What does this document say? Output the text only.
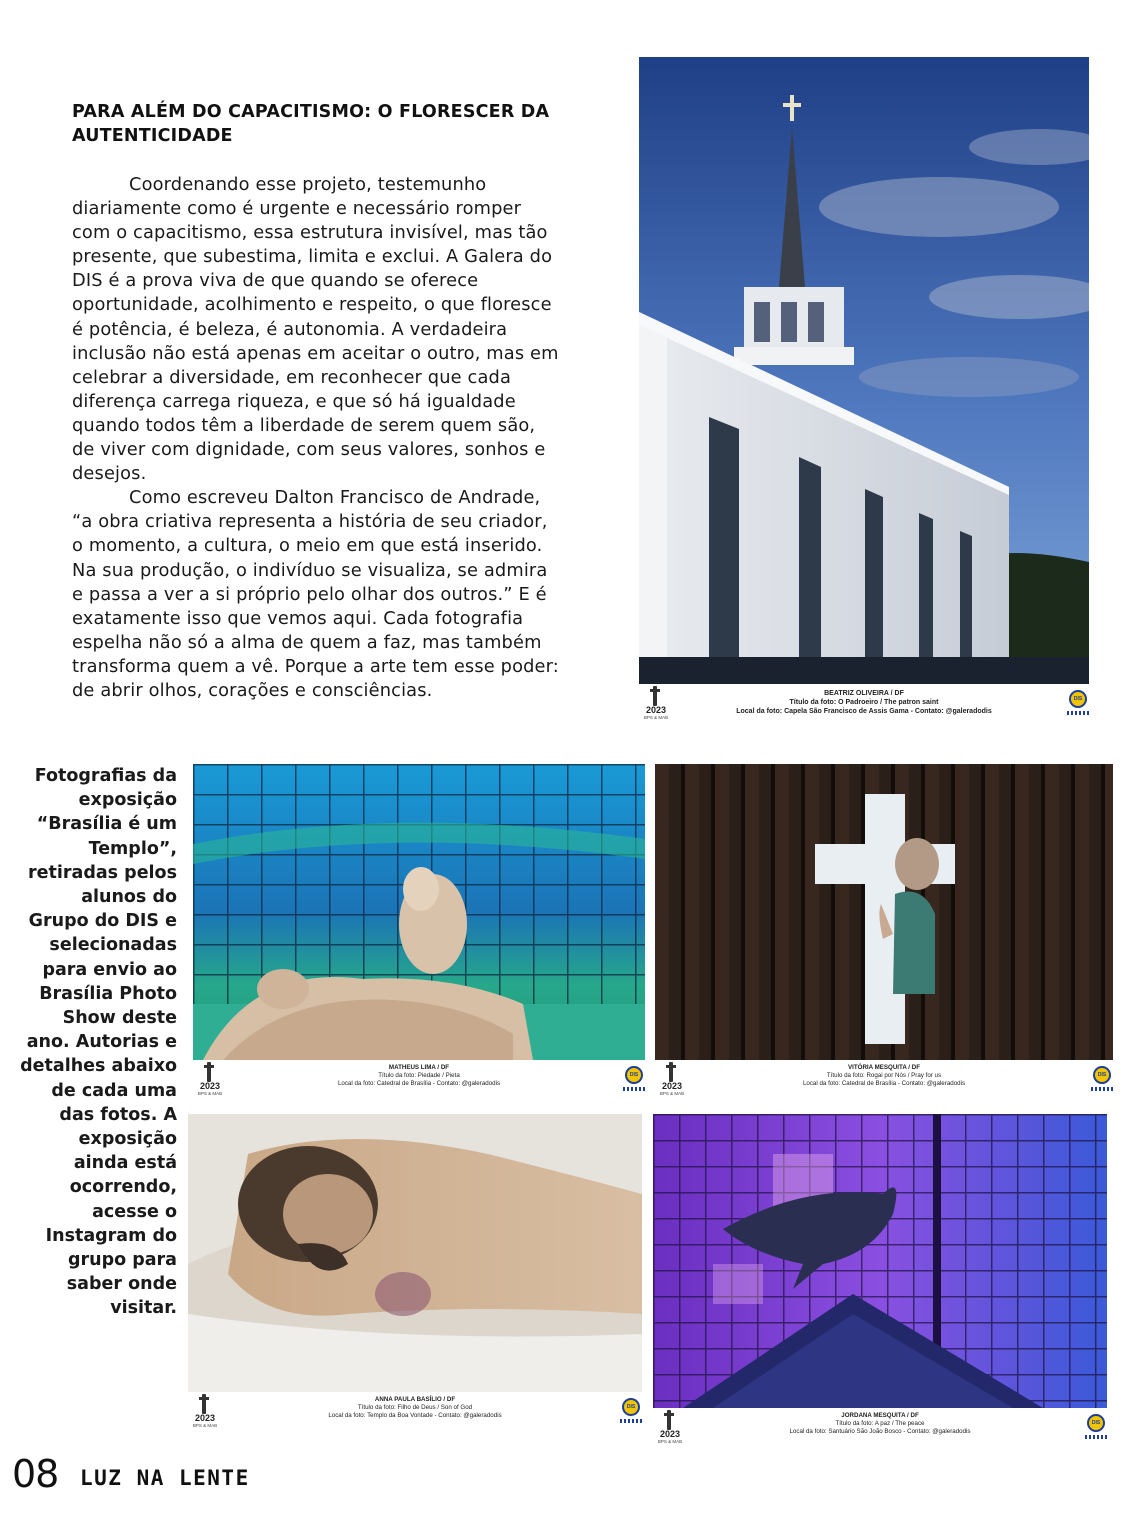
PARA ALÉM DO CAPACITISMO: O FLORESCER DA AUTENTICIDADE

Coordenando esse projeto, testemunho diariamente como é urgente e necessário romper com o capacitismo, essa estrutura invisível, mas tão presente, que subestima, limita e exclui. A Galera do DIS é a prova viva de que quando se oferece oportunidade, acolhimento e respeito, o que floresce é potência, é beleza, é autonomia. A verdadeira inclusão não está apenas em aceitar o outro, mas em celebrar a diversidade, em reconhecer que cada diferença carrega riqueza, e que só há igualdade quando todos têm a liberdade de serem quem são, de viver com dignidade, com seus valores, sonhos e desejos.

Como escreveu Dalton Francisco de Andrade, “a obra criativa representa a história de seu criador, o momento, a cultura, o meio em que está inserido. Na sua produção, o indivíduo se visualiza, se admira e passa a ver a si próprio pelo olhar dos outros.” E é exatamente isso que vemos aqui. Cada fotografia espelha não só a alma de quem a faz, mas também transforma quem a vê. Porque a arte tem esse poder: de abrir olhos, corações e consciências.

2023
BPS & MAB
BEATRIZ OLIVEIRA / DF
Título da foto: O Padroeiro / The patron saint
Local da foto: Capela São Francisco de Assis Gama - Contato: @galeradodis
DIS
Fotografias da exposição “Brasília é um Templo”, retiradas pelos alunos do Grupo do DIS e selecionadas para envio ao Brasília Photo Show deste ano. Autorias e detalhes abaixo de cada uma das fotos. A exposição ainda está ocorrendo, acesse o Instagram do grupo para saber onde visitar.
2023
BPS & MAB
MATHEUS LIMA / DF
Título da foto: Piedade / Pieta
Local da foto: Catedral de Brasília - Contato: @galeradodis
DIS
2023
BPS & MAB
VITÓRIA MESQUITA / DF
Título da foto: Rogai por Nós / Pray for us
Local da foto: Catedral de Brasília - Contato: @galeradodis
DIS
2023
BPS & MAB
ANNA PAULA BASÍLIO / DF
Título da foto: Filho de Deus / Son of God
Local da foto: Templo da Boa Vontade - Contato: @galeradodis
DIS
2023
BPS & MAB
JORDANA MESQUITA / DF
Título da foto: A paz / The peace
Local da foto: Santuário São João Bosco - Contato: @galeradodis
DIS
08 LUZ NA LENTE
